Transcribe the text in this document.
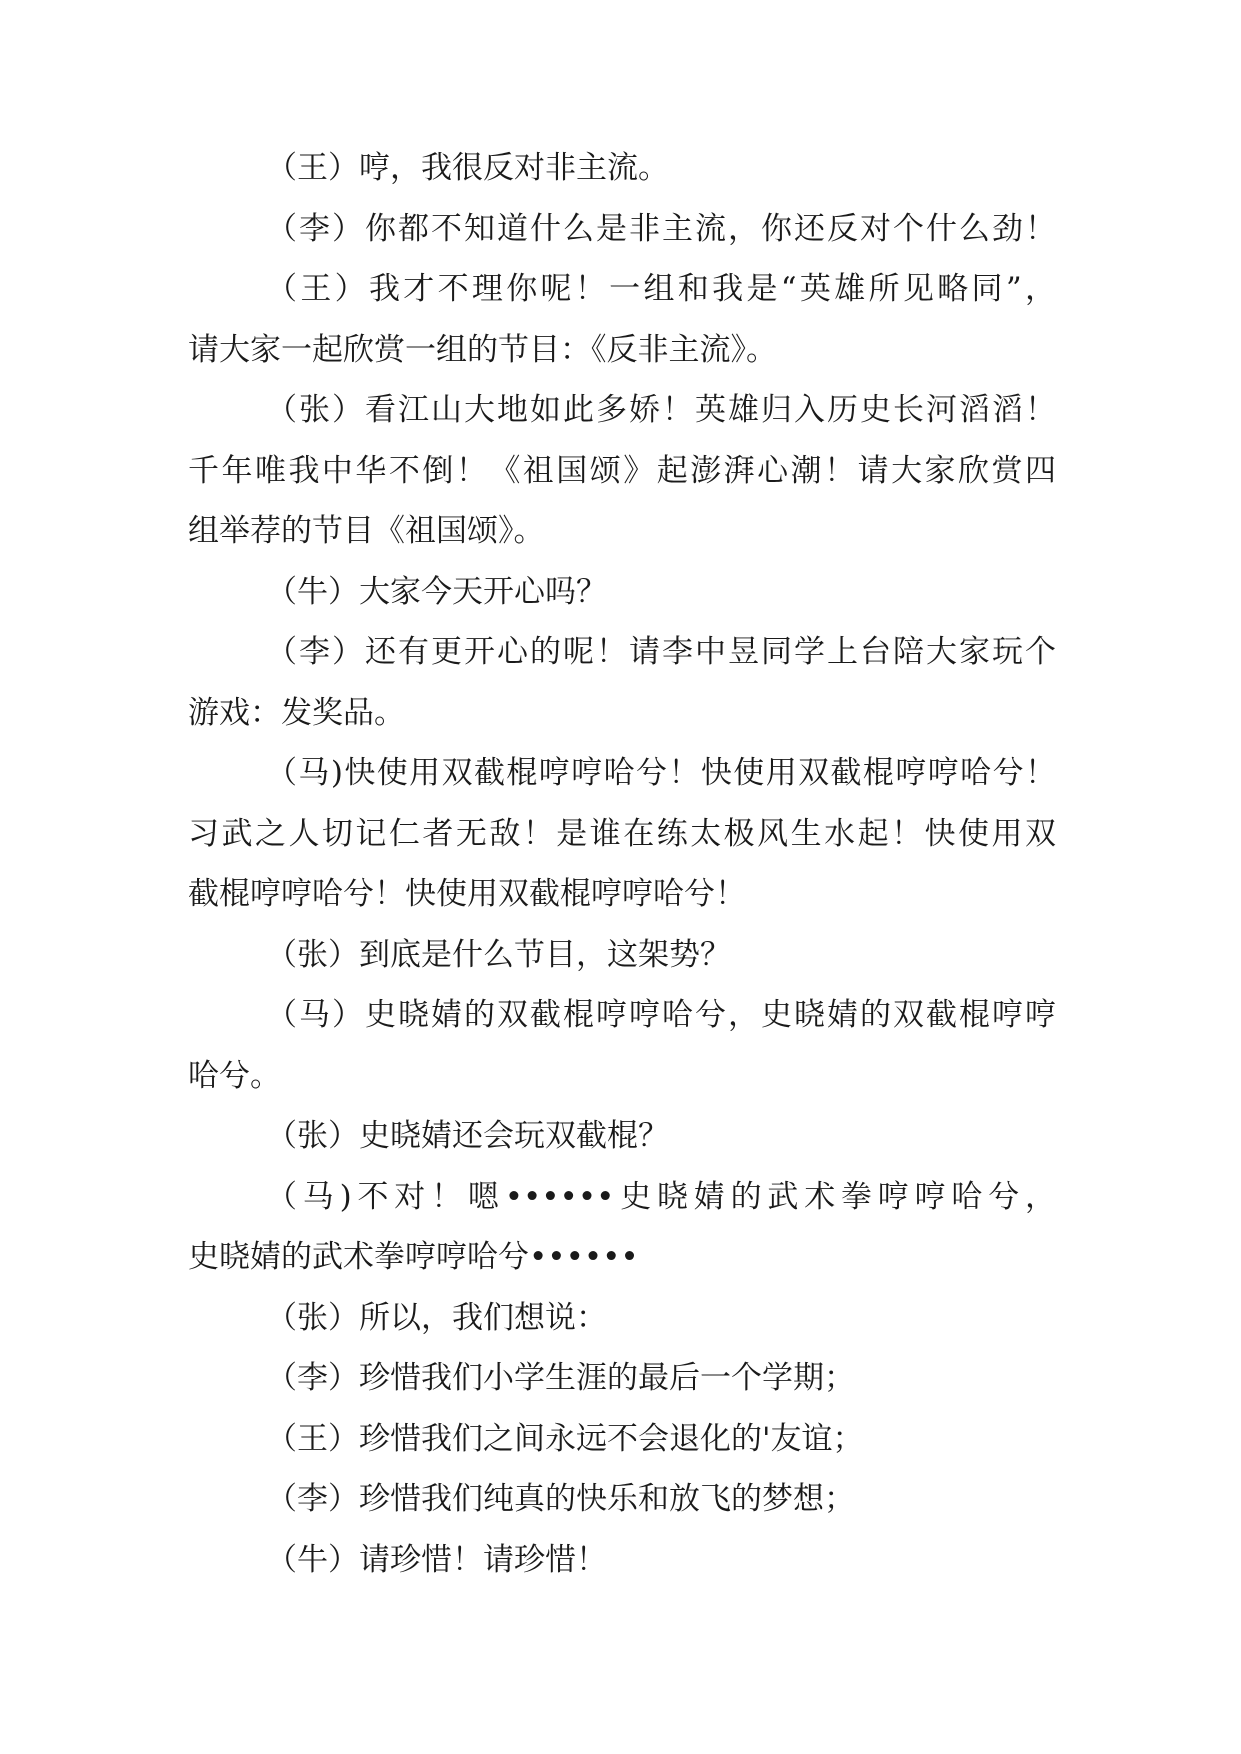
（王）哼，我很反对非主流。
（李）你都不知道什么是非主流，你还反对个什么劲！
（王）我才不理你呢！一组和我是“英雄所见略同”，
请大家一起欣赏一组的节目：《反非主流》。
（张）看江山大地如此多娇！英雄归入历史长河滔滔！
千年唯我中华不倒！《祖国颂》起澎湃心潮！请大家欣赏四
组举荐的节目《祖国颂》。
（牛）大家今天开心吗？
（李）还有更开心的呢！请李中昱同学上台陪大家玩个
游戏：发奖品。
（马)快使用双截棍哼哼哈兮！快使用双截棍哼哼哈兮！
习武之人切记仁者无敌！是谁在练太极风生水起！快使用双
截棍哼哼哈兮！快使用双截棍哼哼哈兮！
（张）到底是什么节目，这架势？
（马）史晓婧的双截棍哼哼哈兮，史晓婧的双截棍哼哼
哈兮。
（张）史晓婧还会玩双截棍？
（马)不对！嗯••••••史晓婧的武术拳哼哼哈兮，
史晓婧的武术拳哼哼哈兮••••••
（张）所以，我们想说：
（李）珍惜我们小学生涯的最后一个学期；
（王）珍惜我们之间永远不会退化的'友谊；
（李）珍惜我们纯真的快乐和放飞的梦想；
（牛）请珍惜！请珍惜！
